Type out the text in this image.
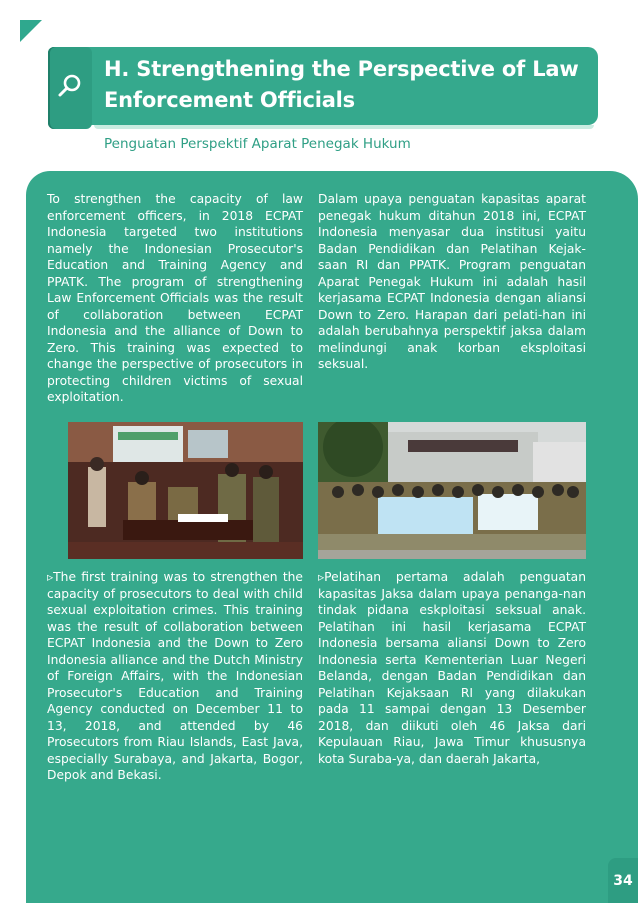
H. Strengthening the Perspective of Law Enforcement Officials
Penguatan Perspektif Aparat Penegak Hukum
To strengthen the capacity of law enforcement officers, in 2018 ECPAT Indonesia targeted two institutions namely the Indonesian Prosecutor's Education and Training Agency and PPATK. The program of strengthening Law Enforcement Officials was the result of collaboration between ECPAT Indonesia and the alliance of Down to Zero. This training was expected to change the perspective of prosecutors in protecting children victims of sexual exploitation.
Dalam upaya penguatan kapasitas aparat penegak hukum ditahun 2018 ini, ECPAT Indonesia menyasar dua institusi yaitu Badan Pendidikan dan Pelatihan Kejak-saan RI dan PPATK. Program penguatan Aparat Penegak Hukum ini adalah hasil kerjasama ECPAT Indonesia dengan aliansi Down to Zero. Harapan dari pelati-han ini adalah berubahnya perspektif jaksa dalam melindungi anak korban eksploitasi seksual.
▹The first training was to strengthen the capacity of prosecutors to deal with child sexual exploitation crimes. This training was the result of collaboration between ECPAT Indonesia and the Down to Zero Indonesia alliance and the Dutch Ministry of Foreign Affairs, with the Indonesian Prosecutor's Education and Training Agency conducted on December 11 to 13, 2018, and attended by 46 Prosecutors from Riau Islands, East Java, especially Surabaya, and Jakarta, Bogor, Depok and Bekasi.
▹Pelatihan pertama adalah penguatan kapasitas Jaksa dalam upaya penanga-nan tindak pidana eskploitasi seksual anak. Pelatihan ini hasil kerjasama ECPAT Indonesia bersama aliansi Down to Zero Indonesia serta Kementerian Luar Negeri Belanda, dengan Badan Pendidikan dan Pelatihan Kejaksaan RI yang dilakukan pada 11 sampai dengan 13 Desember 2018, dan diikuti oleh 46 Jaksa dari Kepulauan Riau, Jawa Timur khususnya kota Suraba-ya, dan daerah Jakarta,
34
